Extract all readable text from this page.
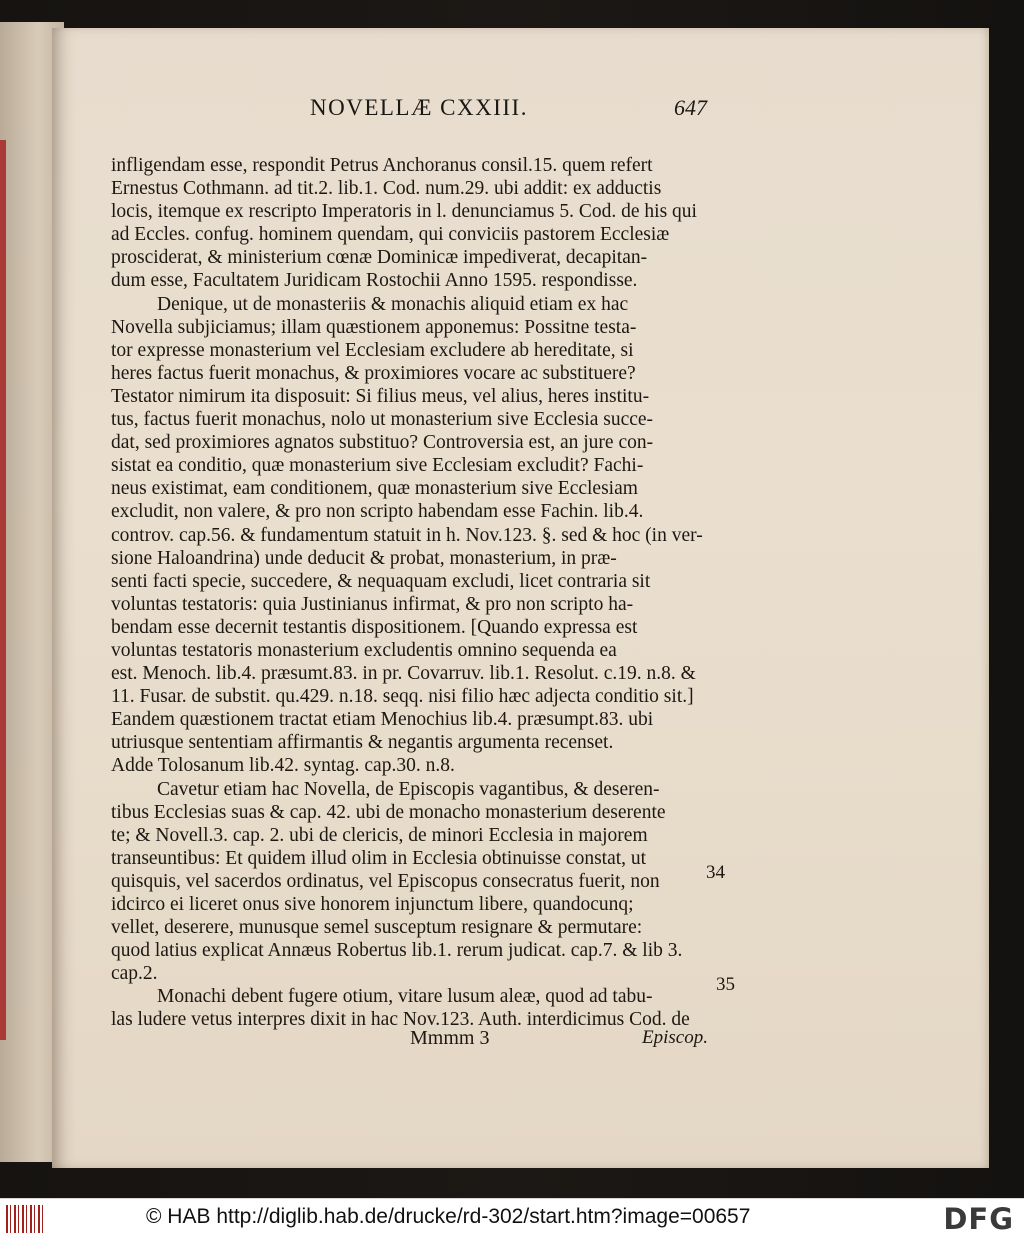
NOVELLÆ CXXIII.	647
infligendam esse, respondit Petrus Anchoranus consil.15. quem refert
Ernestus Cothmann. ad tit.2. lib.1. Cod. num.29. ubi addit: ex adductis
locis, itemque ex rescripto Imperatoris in l. denunciamus 5. Cod. de his qui
ad Eccles. confug. hominem quendam, qui conviciis pastorem Ecclesiæ
prosciderat, & ministerium cœnæ Dominicæ impediverat, decapitan-
dum esse, Facultatem Juridicam Rostochii Anno 1595. respondisse.
Denique, ut de monasteriis & monachis aliquid etiam ex hac
Novella subjiciamus; illam quæstionem apponemus: Possitne testa-
tor expresse monasterium vel Ecclesiam excludere ab hereditate, si
heres factus fuerit monachus, & proximiores vocare ac substituere?
Testator nimirum ita disposuit: Si filius meus, vel alius, heres institu-
tus, factus fuerit monachus, nolo ut monasterium sive Ecclesia succe-
dat, sed proximiores agnatos substituo? Controversia est, an jure con-
sistat ea conditio, quæ monasterium sive Ecclesiam excludit? Fachi-
neus existimat, eam conditionem, quæ monasterium sive Ecclesiam
excludit, non valere, & pro non scripto habendam esse Fachin. lib.4.
controv. cap.56. & fundamentum statuit in h. Nov.123. §. sed & hoc (in ver-
sione Haloandrina) unde deducit & probat, monasterium, in præ-
senti facti specie, succedere, & nequaquam excludi, licet contraria sit
voluntas testatoris: quia Justinianus infirmat, & pro non scripto ha-
bendam esse decernit testantis dispositionem. [Quando expressa est
voluntas testatoris monasterium excludentis omnino sequenda ea
est. Menoch. lib.4. præsumt.83. in pr. Covarruv. lib.1. Resolut. c.19. n.8. &
11. Fusar. de substit. qu.429. n.18. seqq. nisi filio hæc adjecta conditio sit.]
Eandem quæstionem tractat etiam Menochius lib.4. præsumpt.83. ubi
utriusque sententiam affirmantis & negantis argumenta recenset.
Adde Tolosanum lib.42. syntag. cap.30. n.8.
Cavetur etiam hac Novella, de Episcopis vagantibus, & deseren-
tibus Ecclesias suas & cap. 42. ubi de monacho monasterium deserente
te; & Novell.3. cap. 2. ubi de clericis, de minori Ecclesia in majorem
transeuntibus: Et quidem illud olim in Ecclesia obtinuisse constat, ut
quisquis, vel sacerdos ordinatus, vel Episcopus consecratus fuerit, non
idcirco ei liceret onus sive honorem injunctum libere, quandocunq;
vellet, deserere, munusque semel susceptum resignare & permutare:
quod latius explicat Annæus Robertus lib.1. rerum judicat. cap.7. & lib 3.
cap.2.
Monachi debent fugere otium, vitare lusum aleæ, quod ad tabu-
las ludere vetus interpres dixit in hac Nov.123. Auth. interdicimus Cod. de
34
35
Mmmm 3	Episcop.
© HAB http://diglib.hab.de/drucke/rd-302/start.htm?image=00657	DFG
